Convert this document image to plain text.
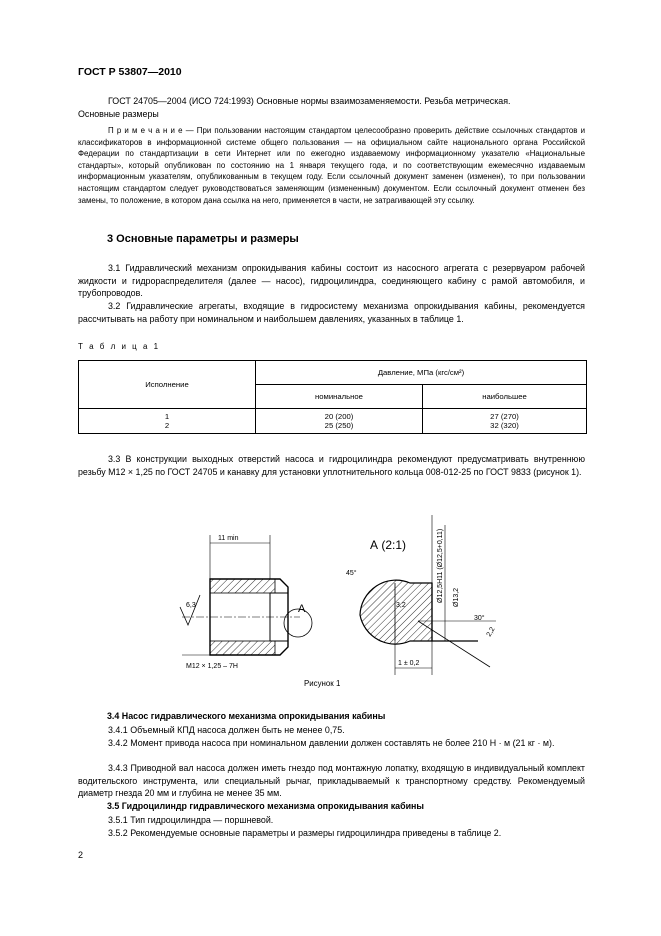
ГОСТ Р 53807—2010
ГОСТ 24705—2004 (ИСО 724:1993) Основные нормы взаимозаменяемости. Резьба метрическая.
Основные размеры
П р и м е ч а н и е — При пользовании настоящим стандартом целесообразно проверить действие ссылочных стандартов и классификаторов в информационной системе общего пользования — на официальном сайте национального органа Российской Федерации по стандартизации в сети Интернет или по ежегодно издаваемому информационному указателю «Национальные стандарты», который опубликован по состоянию на 1 января текущего года, и по соответствующим ежемесячно издаваемым информационным указателям, опубликованным в текущем году. Если ссылочный документ заменен (изменен), то при пользовании настоящим стандартом следует руководствоваться заменяющим (измененным) документом. Если ссылочный документ отменен без замены, то положение, в котором дана ссылка на него, применяется в части, не затрагивающей эту ссылку.
3 Основные параметры и размеры
3.1 Гидравлический механизм опрокидывания кабины состоит из насосного агрегата с резервуаром рабочей жидкости и гидрораспределителя (далее — насос), гидроцилиндра, соединяющего кабину с рамой автомобиля, и трубопроводов.
3.2 Гидравлические агрегаты, входящие в гидросистему механизма опрокидывания кабины, рекомендуется рассчитывать на работу при номинальном и наибольшем давлениях, указанных в таблице 1.
Т а б л и ц а 1
Исполнение	Давление, МПа (кгс/см²)	
	номинальное	наибольшее
1	20 (200)	27 (270)
2	25 (250)	32 (320)
3.3 В конструкции выходных отверстий насоса и гидроцилиндра рекомендуют предусматривать внутреннюю резьбу М12 × 1,25 по ГОСТ 24705 и канавку для установки уплотнительного кольца 008-012-25 по ГОСТ 9833 (рисунок 1).
11 min
6,3	А
М12 × 1,25 – 7Н
А (2:1)
45°
3,2
Ø12,5Н11 (Ø12,5+0,11) Ø13,2
30°
2,2
1 ± 0,2
Рисунок 1
3.4 Насос гидравлического механизма опрокидывания кабины
3.4.1 Объемный КПД насоса должен быть не менее 0,75.
3.4.2 Момент привода насоса при номинальном давлении должен составлять не более 210 Н · м (21 кг · м).
3.4.3 Приводной вал насоса должен иметь гнездо под монтажную лопатку, входящую в индивидуальный комплект водительского инструмента, или специальный рычаг, прикладываемый к транспортному средству. Рекомендуемый диаметр гнезда 20 мм и глубина не менее 35 мм.
3.5 Гидроцилиндр гидравлического механизма опрокидывания кабины
3.5.1 Тип гидроцилиндра — поршневой.
3.5.2 Рекомендуемые основные параметры и размеры гидроцилиндра приведены в таблице 2.
2
